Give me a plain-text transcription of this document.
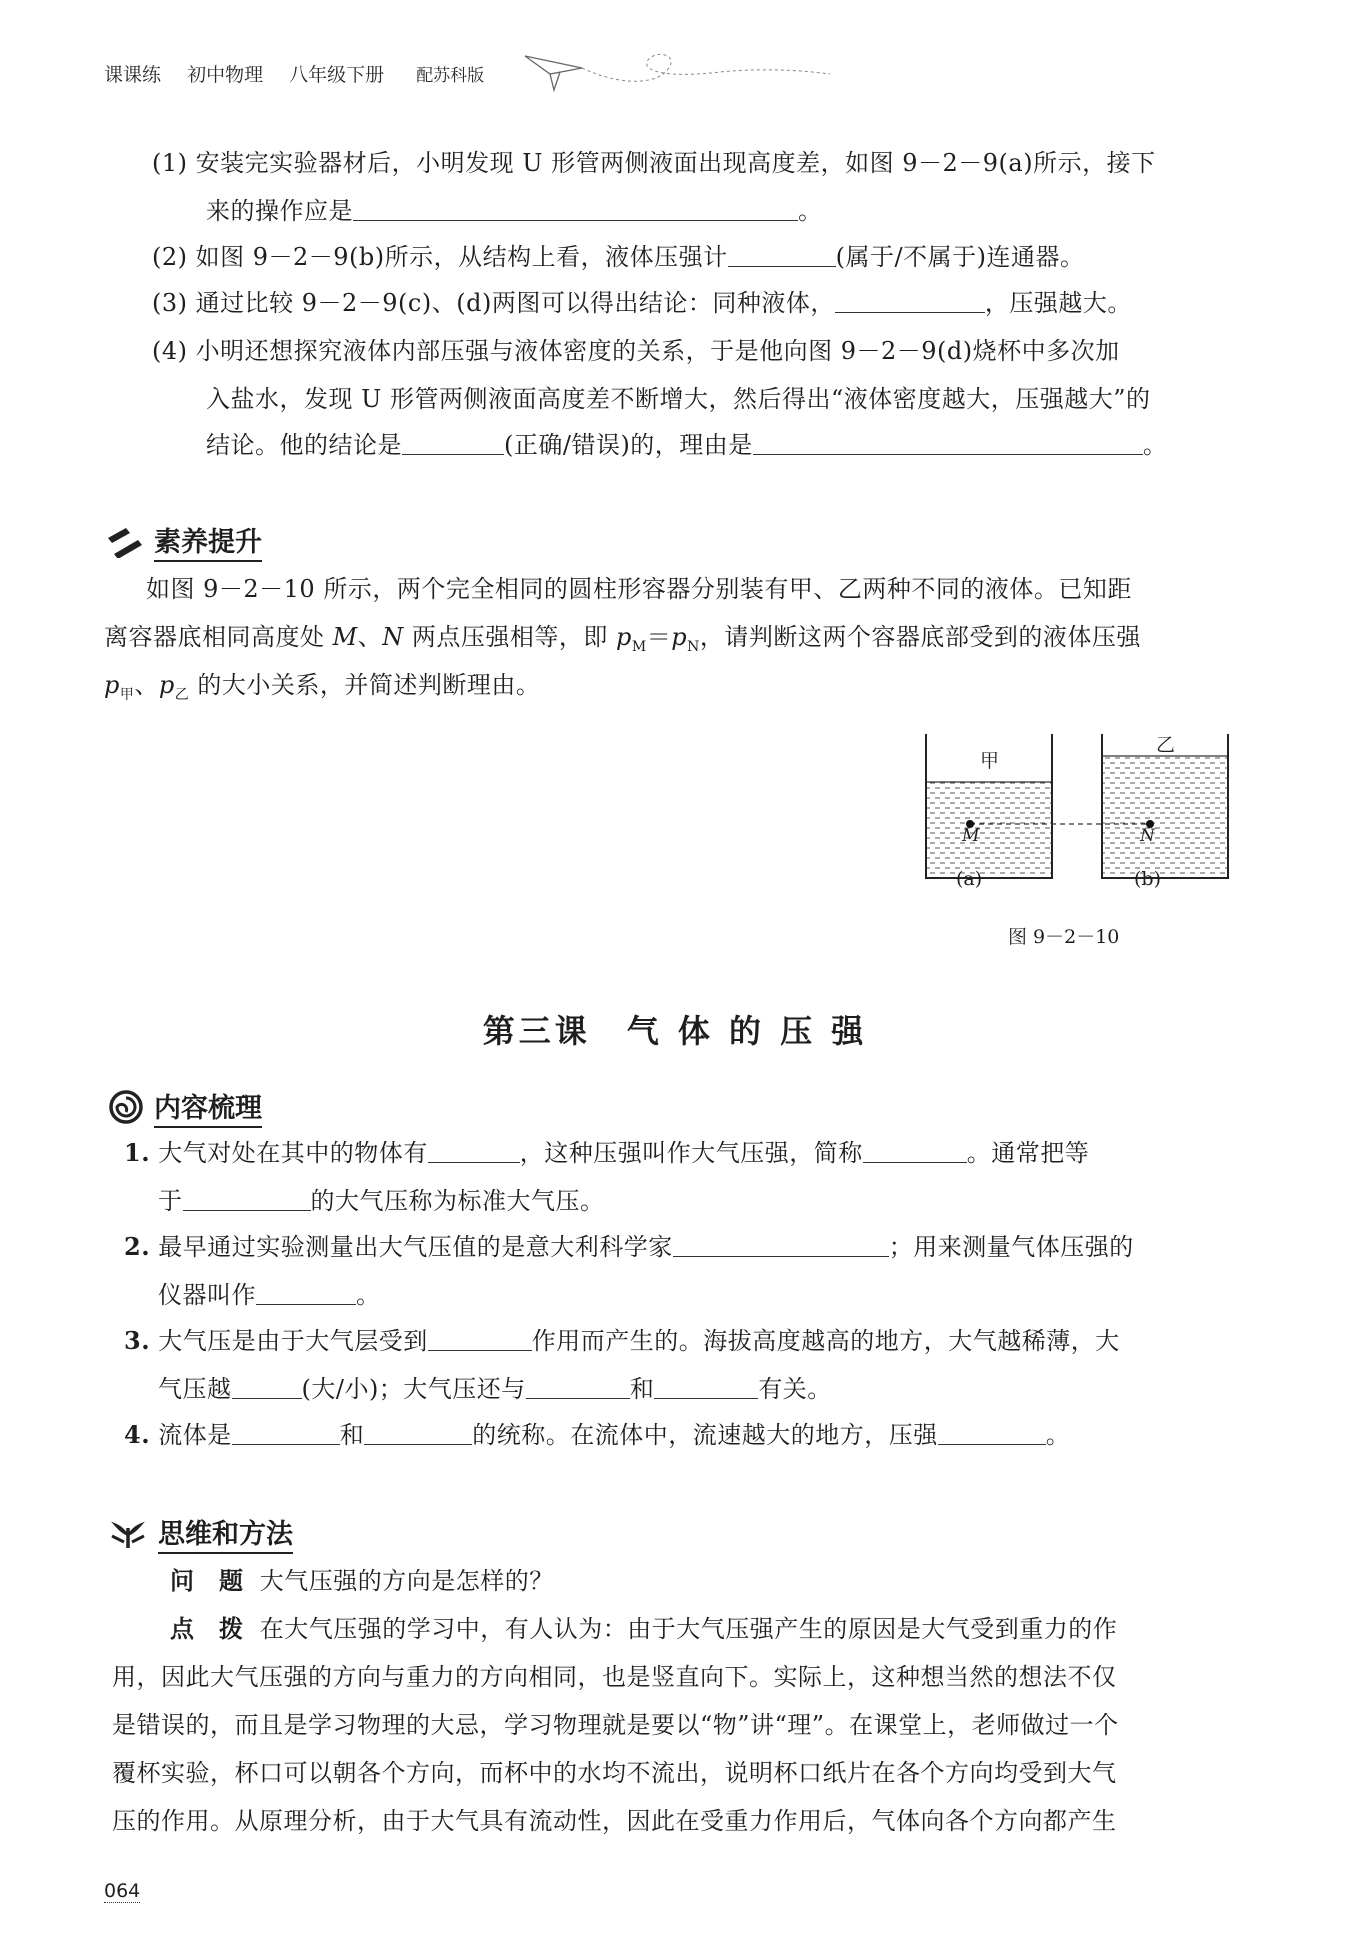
课课练 初中物理 八年级下册 配苏科版
(1) 安装完实验器材后，小明发现 U 形管两侧液面出现高度差，如图 9－2－9(a)所示，接下
来的操作应是	。
(2) 如图 9－2－9(b)所示，从结构上看，液体压强计	(属于/不属于)连通器。
(3) 通过比较 9－2－9(c)、(d)两图可以得出结论：同种液体，	，压强越大。
(4) 小明还想探究液体内部压强与液体密度的关系，于是他向图 9－2－9(d)烧杯中多次加
入盐水，发现 U 形管两侧液面高度差不断增大，然后得出“液体密度越大，压强越大”的
结论。他的结论是	(正确/错误)的，理由是	。
素养提升
如图 9－2－10 所示，两个完全相同的圆柱形容器分别装有甲、乙两种不同的液体。已知距
离容器底相同高度处 M、N 两点压强相等，即 $p_M=p_N$，请判断这两个容器底部受到的液体压强
$p_甲$、$p_乙$ 的大小关系，并简述判断理由。
甲
乙
M	N
(a)	(b)
图 9－2－10
第三课　气 体 的 压 强
内容梳理
1. 大气对处在其中的物体有	，这种压强叫作大气压强，简称	。通常把等
于	的大气压称为标准大气压。
2. 最早通过实验测量出大气压值的是意大利科学家	；用来测量气体压强的
仪器叫作	。
3. 大气压是由于大气层受到	作用而产生的。海拔高度越高的地方，大气越稀薄，大
气压越	(大/小)；大气压还与	和	有关。
4. 流体是	和	的统称。在流体中，流速越大的地方，压强	。
思维和方法
问　题 大气压强的方向是怎样的？
点　拨 在大气压强的学习中，有人认为：由于大气压强产生的原因是大气受到重力的作
用，因此大气压强的方向与重力的方向相同，也是竖直向下。实际上，这种想当然的想法不仅
是错误的，而且是学习物理的大忌，学习物理就是要以“物”讲“理”。在课堂上，老师做过一个
覆杯实验，杯口可以朝各个方向，而杯中的水均不流出，说明杯口纸片在各个方向均受到大气
压的作用。从原理分析，由于大气具有流动性，因此在受重力作用后，气体向各个方向都产生
064
